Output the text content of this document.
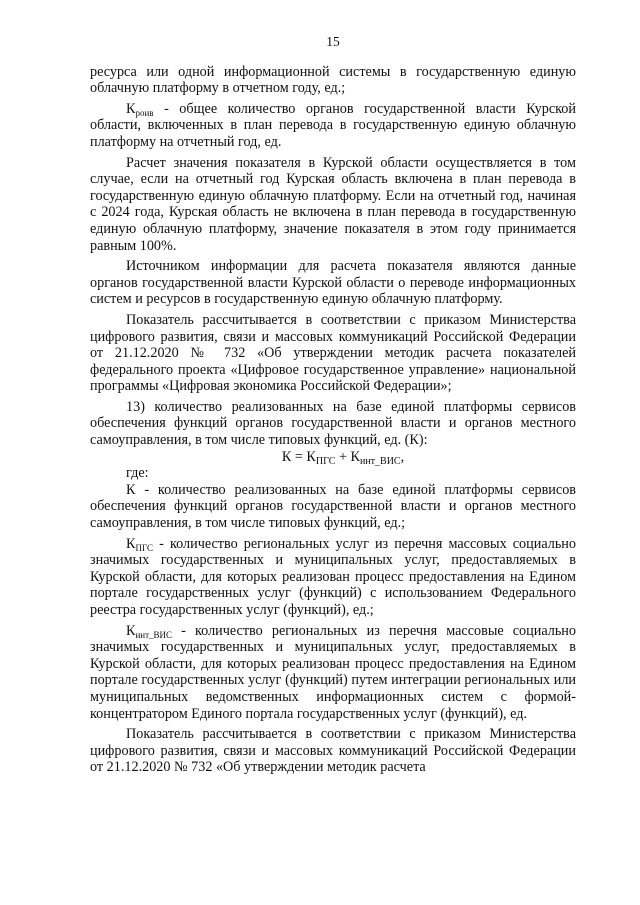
15

ресурса или одной информационной системы в государственную единую облачную платформу в отчетном году, ед.;

$К_{роив}$ - общее количество органов государственной власти Курской области, включенных в план перевода в государственную единую облачную платформу на отчетный год, ед.

Расчет значения показателя в Курской области осуществляется в том случае, если на отчетный год Курская область включена в план перевода в государственную единую облачную платформу. Если на отчетный год, начиная с 2024 года, Курская область не включена в план перевода в государственную единую облачную платформу, значение показателя в этом году принимается равным 100%.

Источником информации для расчета показателя являются данные органов государственной власти Курской области о переводе информационных систем и ресурсов в государственную единую облачную платформу.

Показатель рассчитывается в соответствии с приказом Министерства цифрового развития, связи и массовых коммуникаций Российской Федерации от 21.12.2020 № 732 «Об утверждении методик расчета показателей федерального проекта «Цифровое государственное управление» национальной программы «Цифровая экономика Российской Федерации»;

13) количество реализованных на базе единой платформы сервисов обеспечения функций органов государственной власти и органов местного самоуправления, в том числе типовых функций, ед. (К):

$К = К_{ПГС} + К_{инт\_ВИС}$,

где:

К - количество реализованных на базе единой платформы сервисов обеспечения функций органов государственной власти и органов местного самоуправления, в том числе типовых функций, ед.;

$К_{ПГС}$ - количество региональных услуг из перечня массовых социально значимых государственных и муниципальных услуг, предоставляемых в Курской области, для которых реализован процесс предоставления на Едином портале государственных услуг (функций) с использованием Федерального реестра государственных услуг (функций), ед.;

$К_{инт\_ВИС}$ - количество региональных из перечня массовые социально значимых государственных и муниципальных услуг, предоставляемых в Курской области, для которых реализован процесс предоставления на Едином портале государственных услуг (функций) путем интеграции региональных или муниципальных ведомственных информационных систем с формой-концентратором Единого портала государственных услуг (функций), ед.

Показатель рассчитывается в соответствии с приказом Министерства цифрового развития, связи и массовых коммуникаций Российской Федерации от 21.12.2020 № 732 «Об утверждении методик расчета
